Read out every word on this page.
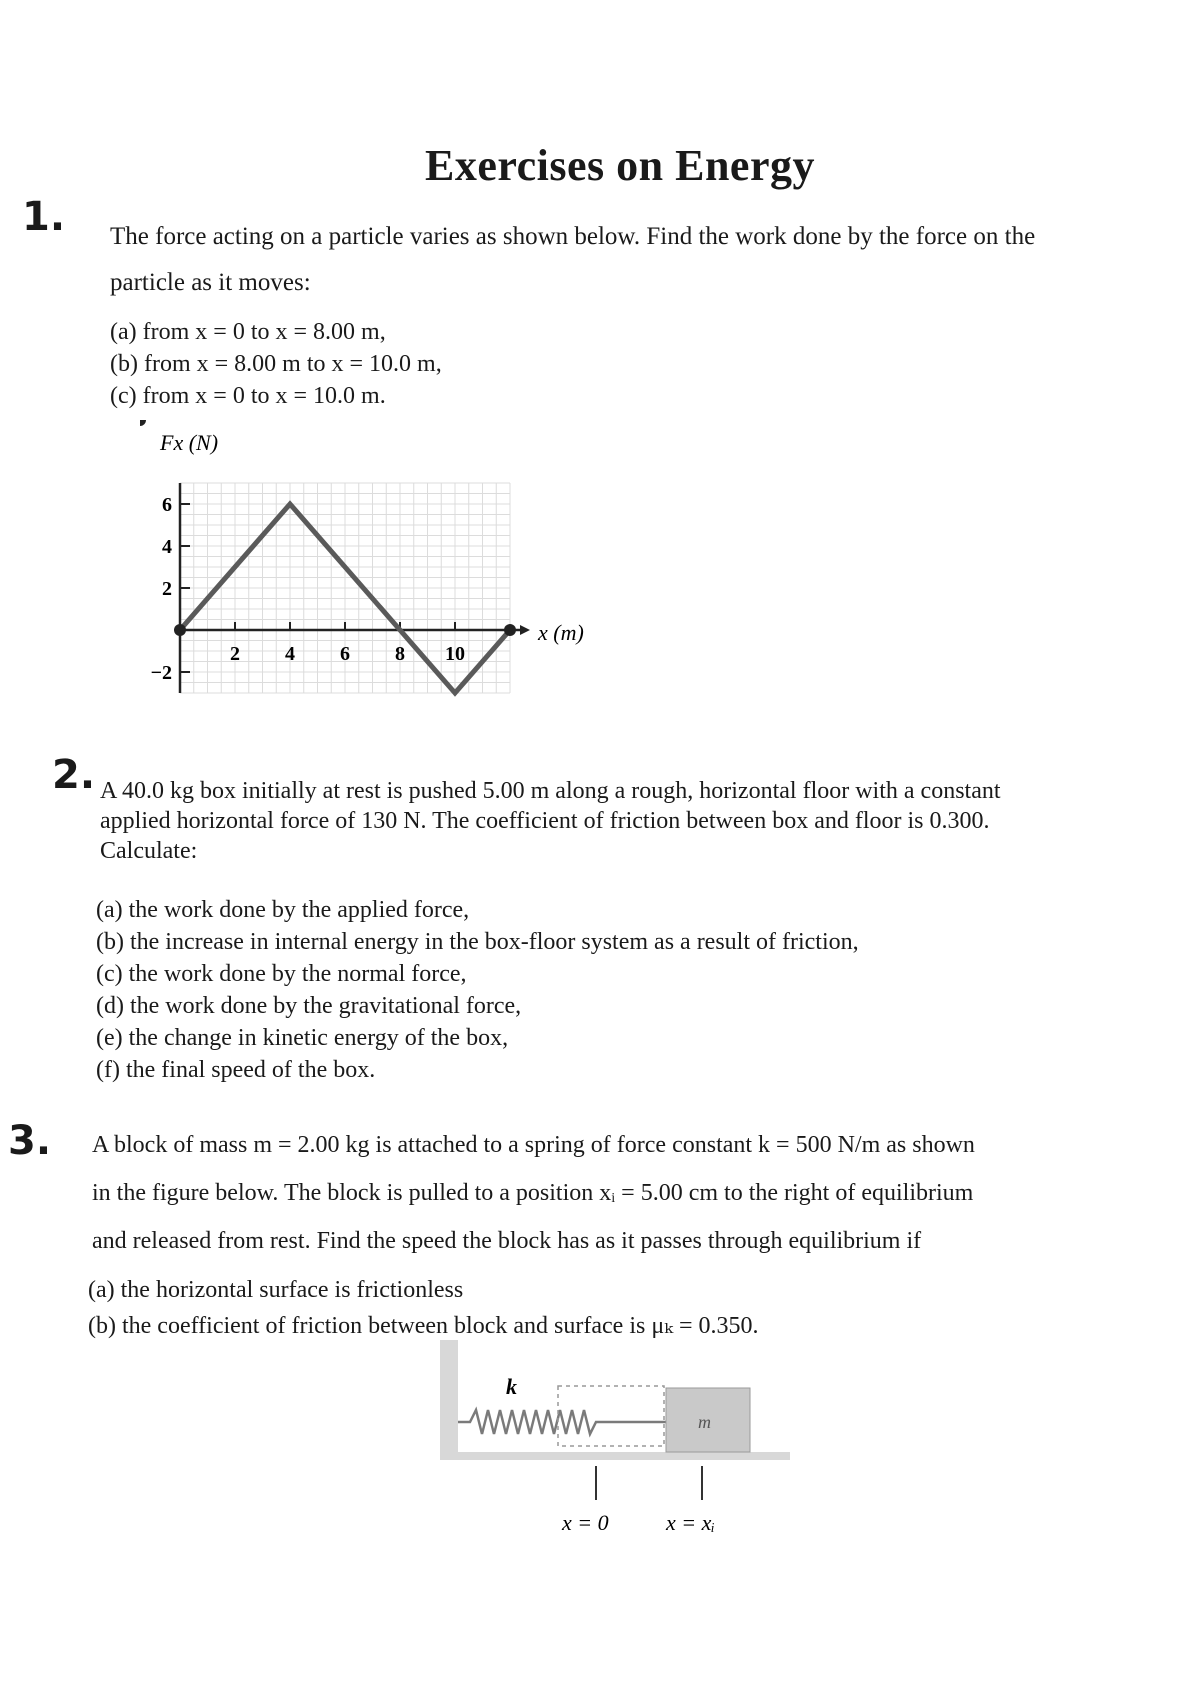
Exercises on Energy
1. The force acting on a particle varies as shown below. Find the work done by the force on the
particle as it moves:
(a) from x = 0 to x = 8.00 m,
(b) from x = 8.00 m to x = 10.0 m,
(c) from x = 0 to x = 10.0 m.
−2
2
4
6
2 4 6 8 10
Fx (N)
x (m)
2. A 40.0 kg box initially at rest is pushed 5.00 m along a rough, horizontal floor with a constant
applied horizontal force of 130 N. The coefficient of friction between box and floor is 0.300.
Calculate:
(a) the work done by the applied force,
(b) the increase in internal energy in the box-floor system as a result of friction,
(c) the work done by the normal force,
(d) the work done by the gravitational force,
(e) the change in kinetic energy of the box,
(f) the final speed of the box.
3. A block of mass m = 2.00 kg is attached to a spring of force constant k = 500 N/m as shown
in the figure below. The block is pulled to a position xᵢ = 5.00 cm to the right of equilibrium
and released from rest. Find the speed the block has as it passes through equilibrium if
(a) the horizontal surface is frictionless
(b) the coefficient of friction between block and surface is μₖ = 0.350.
k
m
x = 0	x = xᵢ
